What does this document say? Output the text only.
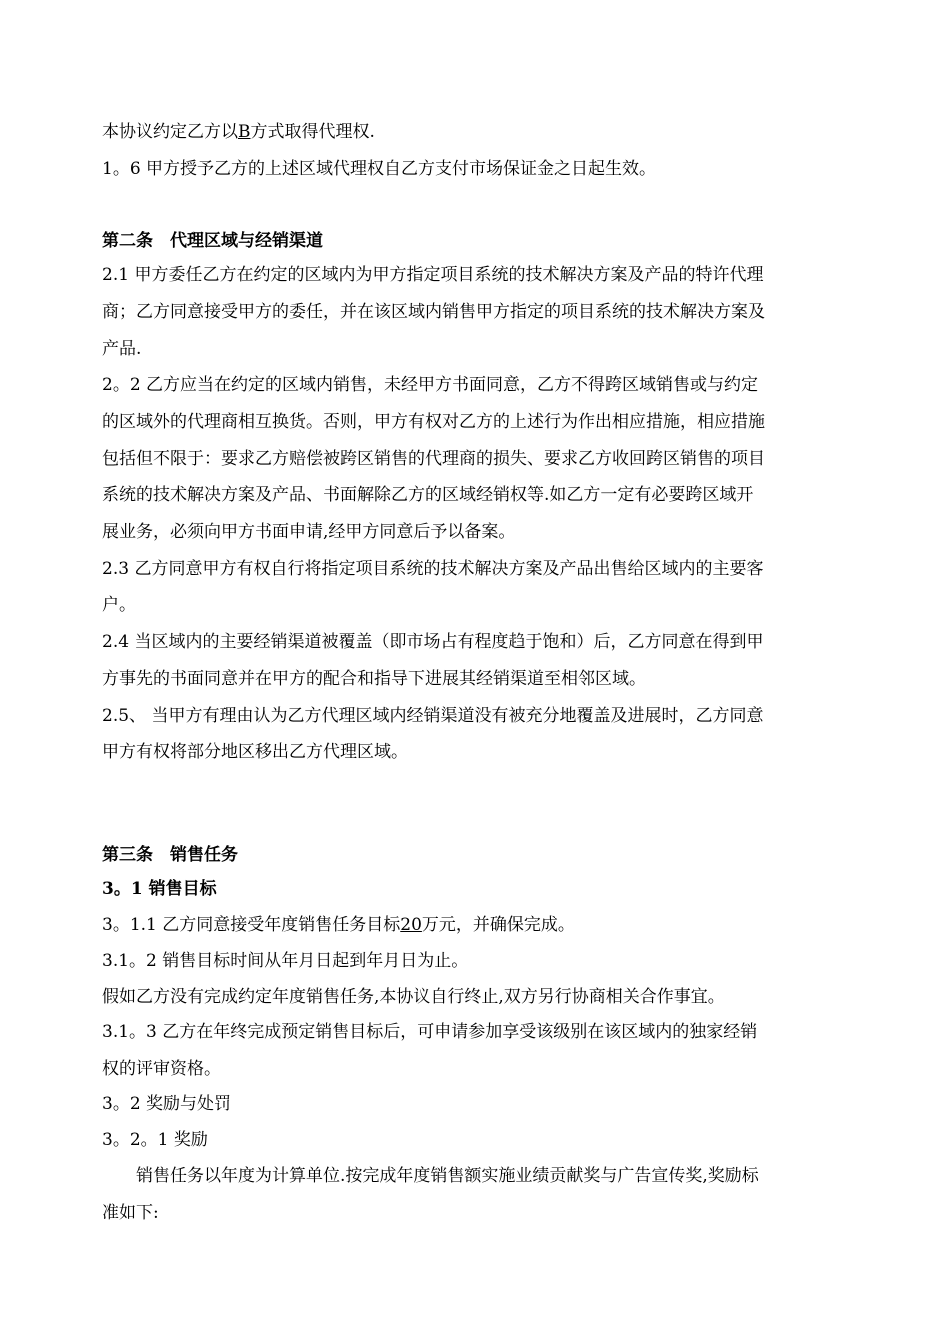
本协议约定乙方以B方式取得代理权.
1。6 甲方授予乙方的上述区域代理权自乙方支付市场保证金之日起生效。
第二条　代理区域与经销渠道
2.1 甲方委任乙方在约定的区域内为甲方指定项目系统的技术解决方案及产品的特许代理
商；乙方同意接受甲方的委任，并在该区域内销售甲方指定的项目系统的技术解决方案及
产品.
2。2 乙方应当在约定的区域内销售，未经甲方书面同意，乙方不得跨区域销售或与约定
的区域外的代理商相互换货。否则，甲方有权对乙方的上述行为作出相应措施，相应措施
包括但不限于：要求乙方赔偿被跨区销售的代理商的损失、要求乙方收回跨区销售的项目
系统的技术解决方案及产品、书面解除乙方的区域经销权等.如乙方一定有必要跨区域开
展业务，必须向甲方书面申请,经甲方同意后予以备案。
2.3 乙方同意甲方有权自行将指定项目系统的技术解决方案及产品出售给区域内的主要客
户。
2.4 当区域内的主要经销渠道被覆盖（即市场占有程度趋于饱和）后，乙方同意在得到甲
方事先的书面同意并在甲方的配合和指导下进展其经销渠道至相邻区域。
2.5、 当甲方有理由认为乙方代理区域内经销渠道没有被充分地覆盖及进展时，乙方同意
甲方有权将部分地区移出乙方代理区域。
第三条　销售任务
3。1 销售目标
3。1.1 乙方同意接受年度销售任务目标20万元，并确保完成。
3.1。2 销售目标时间从年月日起到年月日为止。
假如乙方没有完成约定年度销售任务,本协议自行终止,双方另行协商相关合作事宜。
3.1。3 乙方在年终完成预定销售目标后，可申请参加享受该级别在该区域内的独家经销
权的评审资格。
3。2 奖励与处罚
3。2。1 奖励
　　销售任务以年度为计算单位.按完成年度销售额实施业绩贡献奖与广告宣传奖,奖励标
准如下:
